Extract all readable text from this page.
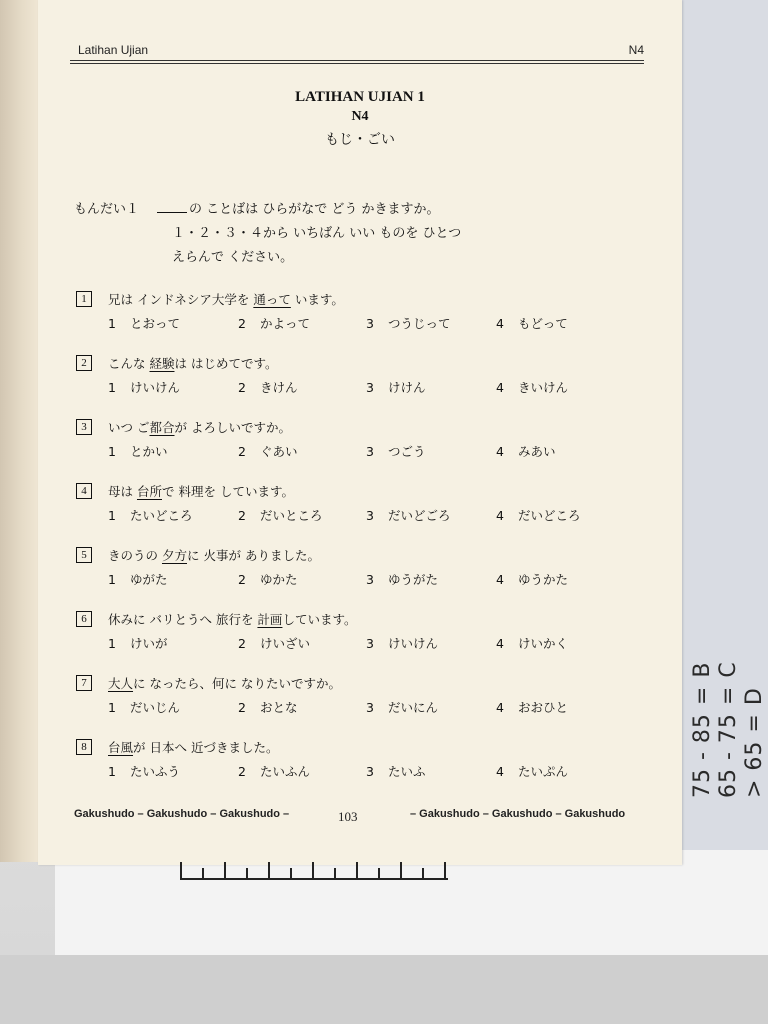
Latihan Ujian	N4
LATIHAN UJIAN 1
N4
もじ・ごい
もんだい１	の ことばは ひらがなで どう かきますか。
１・２・３・４から いちばん いい ものを ひとつ
えらんで ください。
1	兄は インドネシア大学を 通って います。
1 とおって	2 かよって	3 つうじって	4 もどって
2	こんな 経験は はじめてです。
1 けいけん	2 きけん	3 けけん	4 きいけん
3	いつ ご都合が よろしいですか。
1 とかい	2 ぐあい	3 つごう	4 みあい
4	母は 台所で 料理を しています。
1 たいどころ	2 だいところ	3 だいどごろ	4 だいどころ
5	きのうの 夕方に 火事が ありました。
1 ゆがた	2 ゆかた	3 ゆうがた	4 ゆうかた
6	休みに バリとうへ 旅行を 計画しています。
1 けいが	2 けいざい	3 けいけん	4 けいかく
7	大人に なったら、何に なりたいですか。
1 だいじん	2 おとな	3 だいにん	4 おおひと
8	台風が 日本へ 近づきました。
1 たいふう	2 たいふん	3 たいふ	4 たいぷん
Gakushudo – Gakushudo – Gakushudo –	103	– Gakushudo – Gakushudo – Gakushudo
75 - 85 = B 65 - 75 = C > 65 = D
